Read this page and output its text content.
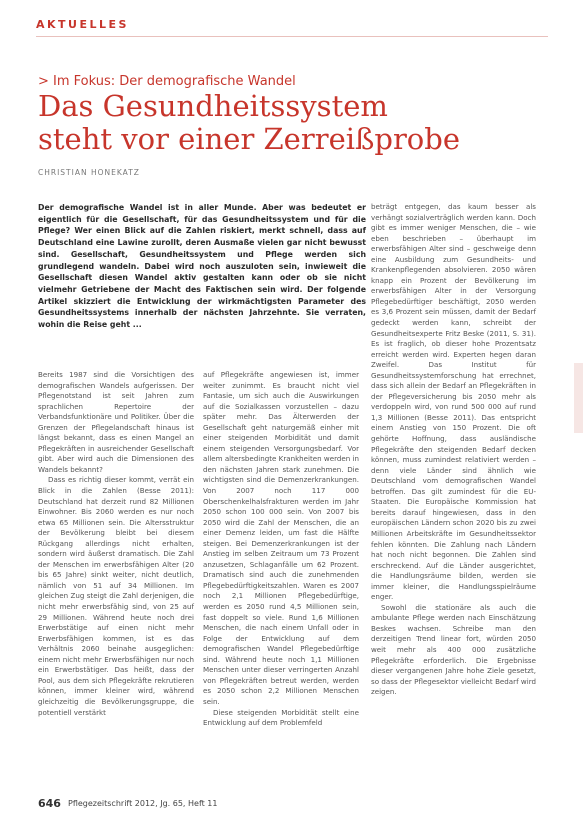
AKTUELLES
> Im Fokus: Der demografische Wandel
Das Gesundheitssystem
steht vor einer Zerreißprobe
CHRISTIAN HONEKATZ
Der demografische Wandel ist in aller Munde. Aber was bedeutet er eigentlich für die Gesellschaft, für das Gesundheitssystem und für die Pflege? Wer einen Blick auf die Zahlen riskiert, merkt schnell, dass auf Deutschland eine Lawine zurollt, deren Ausmaße vielen gar nicht bewusst sind. Gesellschaft, Gesundheitssystem und Pflege werden sich grundlegend wandeln. Dabei wird noch auszuloten sein, inwieweit die Gesellschaft diesen Wandel aktiv gestalten kann oder ob sie nicht vielmehr Getriebene der Macht des Faktischen sein wird. Der folgende Artikel skizziert die Entwicklung der wirkmächtigsten Parameter des Gesundheitssystems innerhalb der nächsten Jahrzehnte. Sie verraten, wohin die Reise geht ...

Bereits 1987 sind die Vorsichtigen des demografischen Wandels aufgerissen. Der Pflegenotstand ist seit Jahren zum sprachlichen Repertoire der Verbandsfunktionäre und Politiker. Über die Grenzen der Pflegelandschaft hinaus ist längst bekannt, dass es einen Mangel an Pflegekräften in ausreichender Gesellschaft gibt. Aber wird auch die Dimensionen des Wandels bekannt?

Dass es richtig dieser kommt, verrät ein Blick in die Zahlen (Besse 2011): Deutschland hat derzeit rund 82 Millionen Einwohner. Bis 2060 werden es nur noch etwa 65 Millionen sein. Die Altersstruktur der Bevölkerung bleibt bei diesem Rückgang allerdings nicht erhalten, sondern wird äußerst dramatisch. Die Zahl der Menschen im erwerbsfähigen Alter (20 bis 65 Jahre) sinkt weiter, nicht deutlich, nämlich von 51 auf 34 Millionen. Im gleichen Zug steigt die Zahl derjenigen, die nicht mehr erwerbsfähig sind, von 25 auf 29 Millionen. Während heute noch drei Erwerbstätige auf einen nicht mehr Erwerbsfähigen kommen, ist es das Verhältnis 2060 beinahe ausgeglichen: einem nicht mehr Erwerbsfähigen nur noch ein Erwerbstätiger. Das heißt, dass der Pool, aus dem sich Pflegekräfte rekrutieren können, immer kleiner wird, während gleichzeitig die Bevölkerungsgruppe, die potentiell verstärkt

auf Pflegekräfte angewiesen ist, immer weiter zunimmt. Es braucht nicht viel Fantasie, um sich auch die Auswirkungen auf die Sozialkassen vorzustellen – dazu später mehr. Das Älterwerden der Gesellschaft geht naturgemäß einher mit einer steigenden Morbidität und damit einem steigenden Versorgungsbedarf. Vor allem altersbedingte Krankheiten werden in den nächsten Jahren stark zunehmen. Die wichtigsten sind die Demenzerkrankungen. Von 2007 noch 117 000 Oberschenkelhalsfrakturen werden im Jahr 2050 schon 100 000 sein. Von 2007 bis 2050 wird die Zahl der Menschen, die an einer Demenz leiden, um fast die Hälfte steigen. Bei Demenzerkrankungen ist der Anstieg im selben Zeitraum um 73 Prozent anzusetzen, Schlaganfälle um 62 Prozent. Dramatisch sind auch die zunehmenden Pflegebedürftigkeitszahlen. Waren es 2007 noch 2,1 Millionen Pflegebedürftige, werden es 2050 rund 4,5 Millionen sein, fast doppelt so viele. Rund 1,6 Millionen Menschen, die nach einem Unfall oder in Folge der Entwicklung auf dem demografischen Wandel Pflegebedürftige sind. Während heute noch 1,1 Millionen Menschen unter dieser verringerten Anzahl von Pflegekräften betreut werden, werden es 2050 schon 2,2 Millionen Menschen sein.

Diese steigenden Morbidität stellt eine Entwicklung auf dem Problemfeld

beträgt entgegen, das kaum besser als verhängt sozialverträglich werden kann. Doch gibt es immer weniger Menschen, die – wie eben beschrieben – überhaupt im erwerbsfähigen Alter sind – geschweige denn eine Ausbildung zum Gesundheits- und Krankenpflegenden absolvieren. 2050 wären knapp ein Prozent der Bevölkerung im erwerbsfähigen Alter in der Versorgung Pflegebedürftiger beschäftigt, 2050 werden es 3,6 Prozent sein müssen, damit der Bedarf gedeckt werden kann, schreibt der Gesundheitsexperte Fritz Beske (2011, S. 31). Es ist fraglich, ob dieser hohe Prozentsatz erreicht werden wird. Experten hegen daran Zweifel. Das Institut für Gesundheitssystemforschung hat errechnet, dass sich allein der Bedarf an Pflegekräften in der Pflegeversicherung bis 2050 mehr als verdoppeln wird, von rund 500 000 auf rund 1,3 Millionen (Besse 2011). Das entspricht einem Anstieg von 150 Prozent. Die oft gehörte Hoffnung, dass ausländische Pflegekräfte den steigenden Bedarf decken können, muss zumindest relativiert werden – denn viele Länder sind ähnlich wie Deutschland vom demografischen Wandel betroffen. Das gilt zumindest für die EU-Staaten. Die Europäische Kommission hat bereits darauf hingewiesen, dass in den europäischen Ländern schon 2020 bis zu zwei Millionen Arbeitskräfte im Gesundheitssektor fehlen könnten. Die Zahlung nach Ländern hat noch nicht begonnen. Die Zahlen sind erschreckend. Auf die Länder ausgerichtet, die Handlungsräume bilden, werden sie immer kleiner, die Handlungsspielräume enger.

Sowohl die stationäre als auch die ambulante Pflege werden nach Einschätzung Beskes wachsen. Schreibe man den derzeitigen Trend linear fort, würden 2050 weit mehr als 400 000 zusätzliche Pflegekräfte erforderlich. Die Ergebnisse dieser vergangenen Jahre hohe Ziele gesetzt, so dass der Pflegesektor vielleicht Bedarf wird zeigen.

646 Pflegezeitschrift 2012, Jg. 65, Heft 11
